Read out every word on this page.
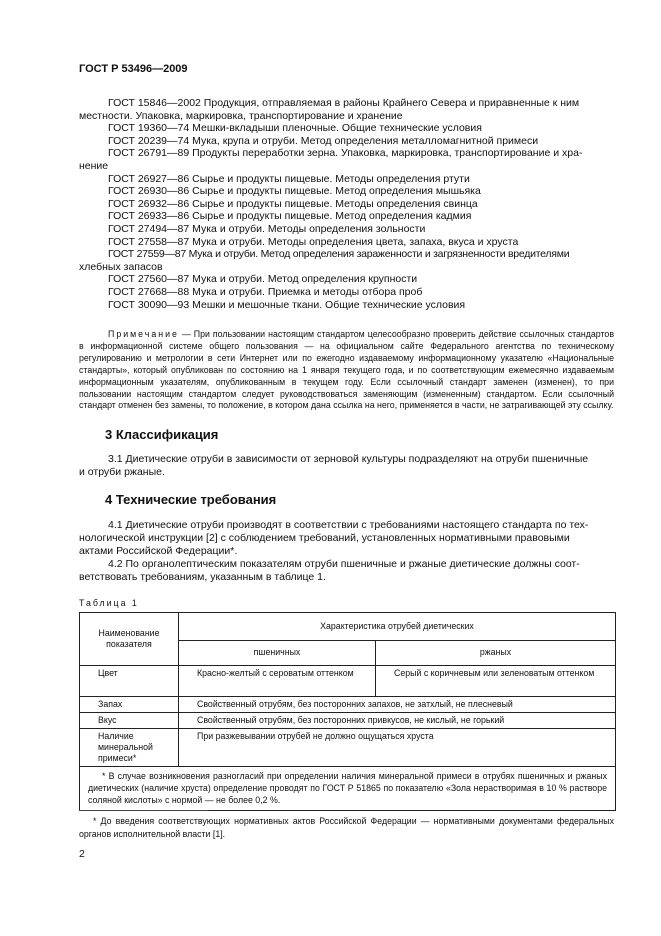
ГОСТ Р 53496—2009
ГОСТ 15846—2002 Продукция, отправляемая в районы Крайнего Севера и приравненные к ним
местности. Упаковка, маркировка, транспортирование и хранение
ГОСТ 19360—74 Мешки-вкладыши пленочные. Общие технические условия
ГОСТ 20239—74 Мука, крупа и отруби. Метод определения металломагнитной примеси
ГОСТ 26791—89 Продукты переработки зерна. Упаковка, маркировка, транспортирование и хра-
нение
ГОСТ 26927—86 Сырье и продукты пищевые. Методы определения ртути
ГОСТ 26930—86 Сырье и продукты пищевые. Метод определения мышьяка
ГОСТ 26932—86 Сырье и продукты пищевые. Методы определения свинца
ГОСТ 26933—86 Сырье и продукты пищевые. Метод определения кадмия
ГОСТ 27494—87 Мука и отруби. Методы определения зольности
ГОСТ 27558—87 Мука и отруби. Методы определения цвета, запаха, вкуса и хруста
ГОСТ 27559—87 Мука и отруби. Метод определения зараженности и загрязненности вредителями
хлебных запасов
ГОСТ 27560—87 Мука и отруби. Метод определения крупности
ГОСТ 27668—88 Мука и отруби. Приемка и методы отбора проб
ГОСТ 30090—93 Мешки и мешочные ткани. Общие технические условия
Примечание — При пользовании настоящим стандартом целесообразно проверить действие ссылочных стандартов в информационной системе общего пользования — на официальном сайте Федерального агентства по техническому регулированию и метрологии в сети Интернет или по ежегодно издаваемому информационному указателю «Национальные стандарты», который опубликован по состоянию на 1 января текущего года, и по соответствующим ежемесячно издаваемым информационным указателям, опубликованным в текущем году. Если ссылочный стандарт заменен (изменен), то при пользовании настоящим стандартом следует руководствоваться заменяющим (измененным) стандартом. Если ссылочный стандарт отменен без замены, то положение, в котором дана ссылка на него, применяется в части, не затрагивающей эту ссылку.
3 Классификация
3.1 Диетические отруби в зависимости от зерновой культуры подразделяют на отруби пшеничные
и отруби ржаные.
4 Технические требования
4.1 Диетические отруби производят в соответствии с требованиями настоящего стандарта по тех-
нологической инструкции [2] с соблюдением требований, установленных нормативными правовыми
актами Российской Федерации*.
4.2 По органолептическим показателям отруби пшеничные и ржаные диетические должны соот-
ветствовать требованиям, указанным в таблице 1.
Таблица 1
Наименование показателя	Характеристика отрубей диетических	
	пшеничных	ржаных
Цвет	Красно-желтый с сероватым оттенком	Серый с коричневым или зеленоватым оттенком
Запах	Свойственный отрубям, без посторонних запахов, не затхлый, не плесневый	
Вкус	Свойственный отрубям, без посторонних привкусов, не кислый, не горький	
Наличие минеральной примеси*	При разжевывании отрубей не должно ощущаться хруста	
* В случае возникновения разногласий при определении наличия минеральной примеси в отрубях пшеничных и ржаных диетических (наличие хруста) определение проводят по ГОСТ Р 51865 по показателю «Зола нерастворимая в 10 % растворе соляной кислоты» с нормой — не более 0,2 %.		
* До введения соответствующих нормативных актов Российской Федерации — нормативными документами федеральных органов исполнительной власти [1].
2
